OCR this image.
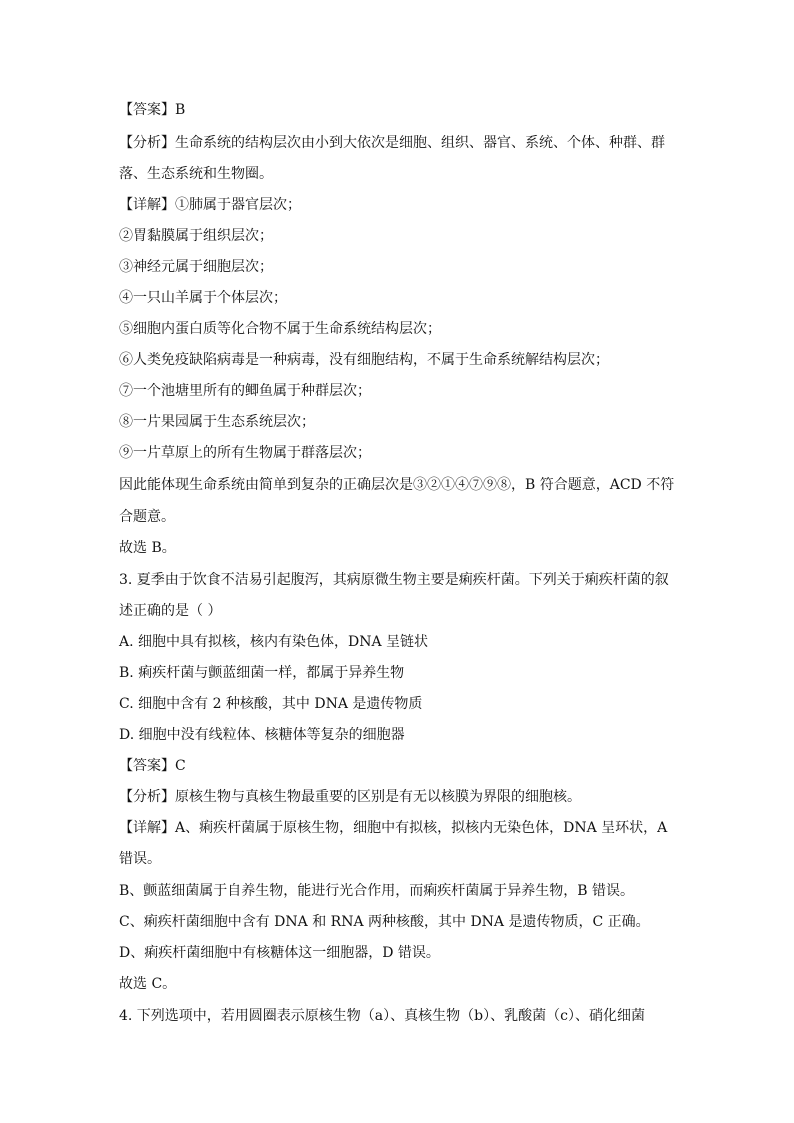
【答案】B
【分析】生命系统的结构层次由小到大依次是细胞、组织、器官、系统、个体、种群、群
落、生态系统和生物圈。
【详解】①肺属于器官层次；
②胃黏膜属于组织层次；
③神经元属于细胞层次；
④一只山羊属于个体层次；
⑤细胞内蛋白质等化合物不属于生命系统结构层次；
⑥人类免疫缺陷病毒是一种病毒，没有细胞结构，不属于生命系统解结构层次；
⑦一个池塘里所有的鲫鱼属于种群层次；
⑧一片果园属于生态系统层次；
⑨一片草原上的所有生物属于群落层次；
因此能体现生命系统由简单到复杂的正确层次是③②①④⑦⑨⑧，B 符合题意，ACD 不符
合题意。
故选 B。
3. 夏季由于饮食不洁易引起腹泻，其病原微生物主要是痢疾杆菌。下列关于痢疾杆菌的叙
述正确的是（ ）
A. 细胞中具有拟核，核内有染色体，DNA 呈链状
B. 痢疾杆菌与颤蓝细菌一样，都属于异养生物
C. 细胞中含有 2 种核酸，其中 DNA 是遗传物质
D. 细胞中没有线粒体、核糖体等复杂的细胞器
【答案】C
【分析】原核生物与真核生物最重要的区别是有无以核膜为界限的细胞核。
【详解】A、痢疾杆菌属于原核生物，细胞中有拟核，拟核内无染色体，DNA 呈环状，A
错误。
B、颤蓝细菌属于自养生物，能进行光合作用，而痢疾杆菌属于异养生物，B 错误。
C、痢疾杆菌细胞中含有 DNA 和 RNA 两种核酸，其中 DNA 是遗传物质，C 正确。
D、痢疾杆菌细胞中有核糖体这一细胞器，D 错误。
故选 C。
4. 下列选项中，若用圆圈表示原核生物（a）、真核生物（b）、乳酸菌（c）、硝化细菌
